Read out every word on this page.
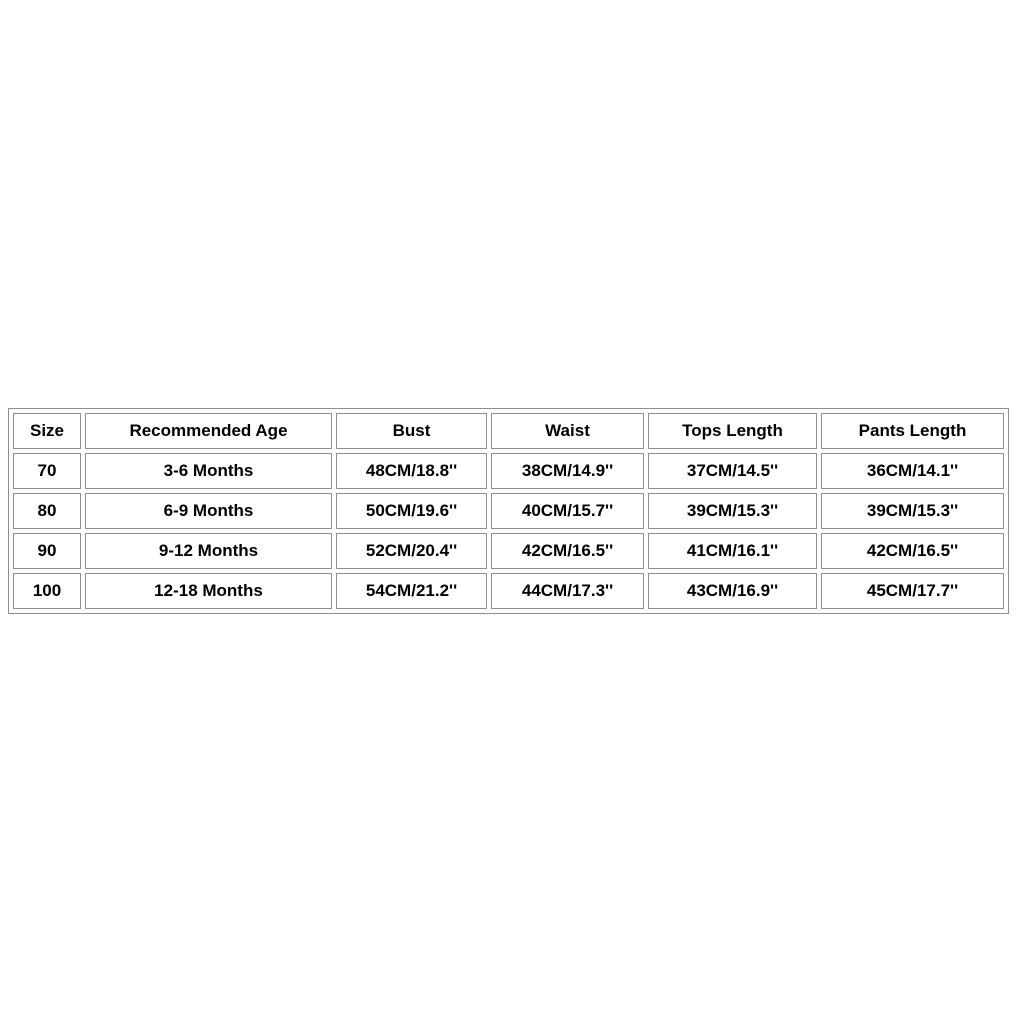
Size	Recommended Age	Bust	Waist	Tops Length	Pants Length
70	3-6 Months	48CM/18.8''	38CM/14.9''	37CM/14.5''	36CM/14.1''
80	6-9 Months	50CM/19.6''	40CM/15.7''	39CM/15.3''	39CM/15.3''
90	9-12 Months	52CM/20.4''	42CM/16.5''	41CM/16.1''	42CM/16.5''
100	12-18 Months	54CM/21.2''	44CM/17.3''	43CM/16.9''	45CM/17.7''
